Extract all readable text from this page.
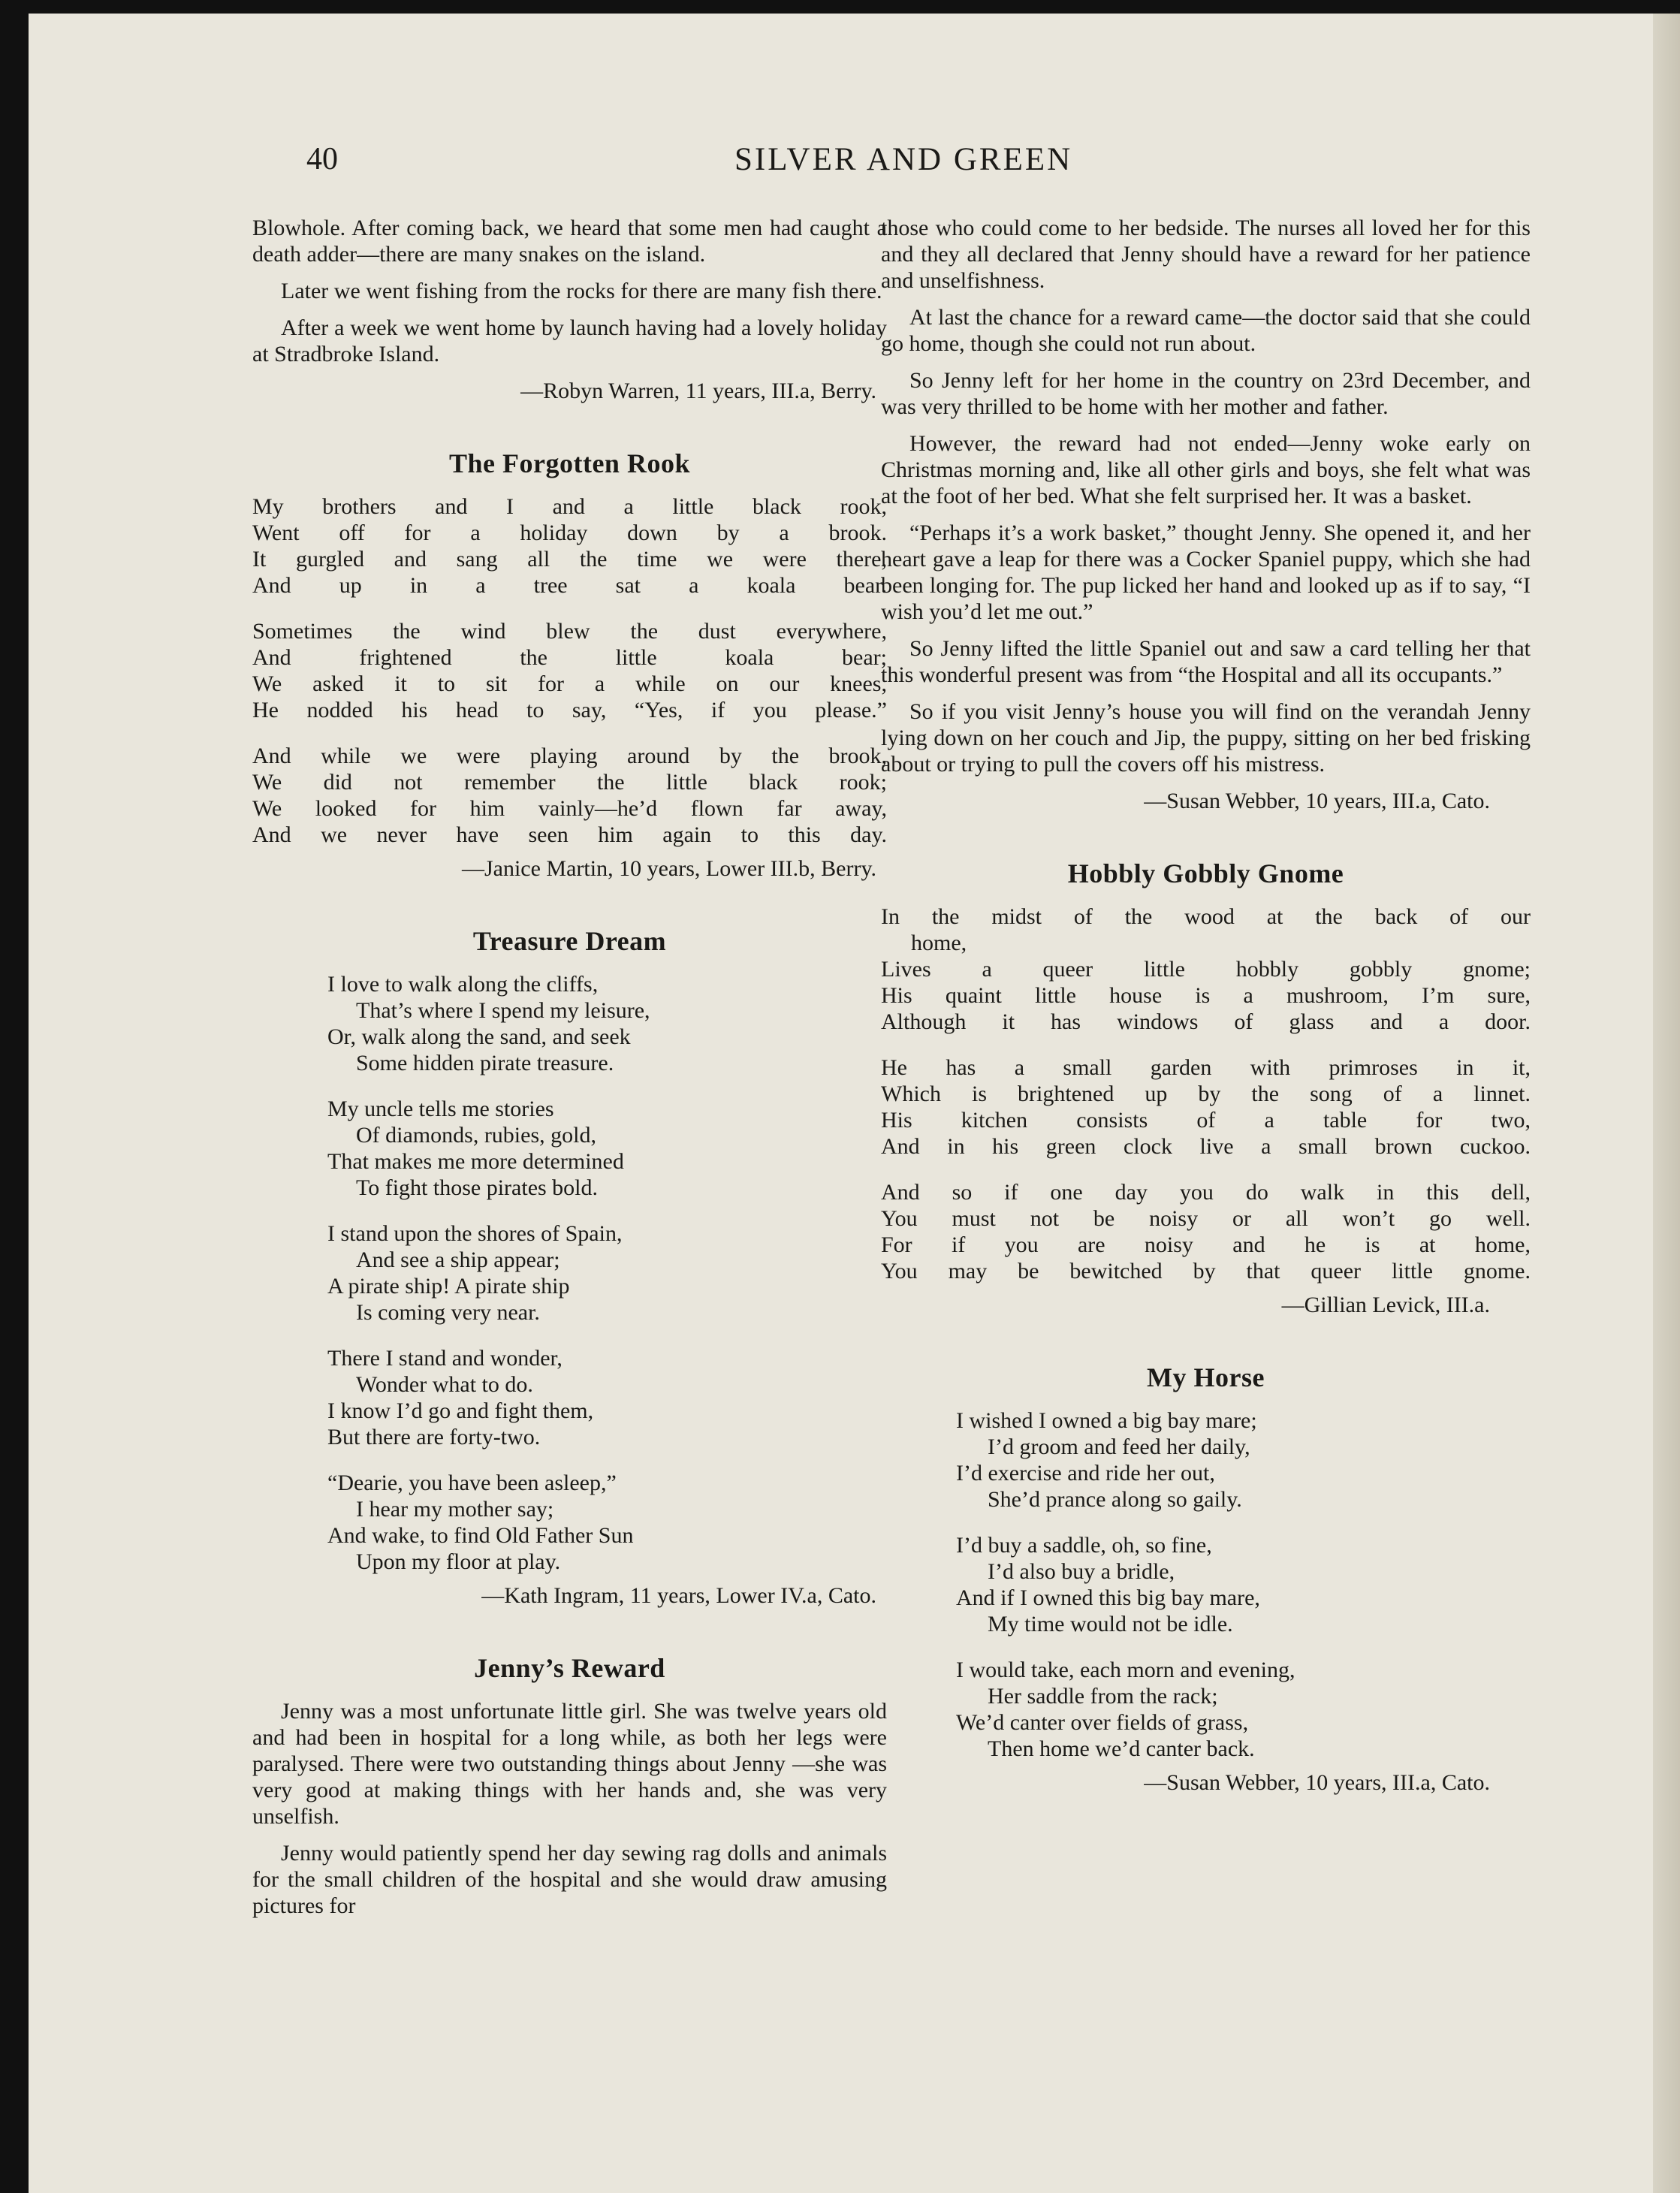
40	SILVER AND GREEN

Blowhole. After coming back, we heard that some men had caught a death adder—there are many snakes on the island.

Later we went fishing from the rocks for there are many fish there.

After a week we went home by launch having had a lovely holiday at Stradbroke Island.

—Robyn Warren, 11 years, III.a, Berry.
The Forgotten Rook
My brothers and I and a little black rook,
Went off for a holiday down by a brook.
It gurgled and sang all the time we were there,
And up in a tree sat a koala bear.
Sometimes the wind blew the dust everywhere,
And frightened the little koala bear;
We asked it to sit for a while on our knees,
He nodded his head to say, “Yes, if you please.”
And while we were playing around by the brook,
We did not remember the little black rook;
We looked for him vainly—he’d flown far away,
And we never have seen him again to this day.
—Janice Martin, 10 years, Lower III.b, Berry.
Treasure Dream
I love to walk along the cliffs,
That’s where I spend my leisure,
Or, walk along the sand, and seek
Some hidden pirate treasure.
My uncle tells me stories
Of diamonds, rubies, gold,
That makes me more determined
To fight those pirates bold.
I stand upon the shores of Spain,
And see a ship appear;
A pirate ship! A pirate ship
Is coming very near.
There I stand and wonder,
Wonder what to do.
I know I’d go and fight them,
But there are forty-two.
“Dearie, you have been asleep,”
I hear my mother say;
And wake, to find Old Father Sun
Upon my floor at play.
—Kath Ingram, 11 years, Lower IV.a, Cato.
Jenny’s Reward

Jenny was a most unfortunate little girl. She was twelve years old and had been in hospital for a long while, as both her legs were paralysed. There were two outstanding things about Jenny —she was very good at making things with her hands and, she was very unselfish.

Jenny would patiently spend her day sewing rag dolls and animals for the small children of the hospital and she would draw amusing pictures for

those who could come to her bedside. The nurses all loved her for this and they all declared that Jenny should have a reward for her patience and unselfishness.

At last the chance for a reward came—the doctor said that she could go home, though she could not run about.

So Jenny left for her home in the country on 23rd December, and was very thrilled to be home with her mother and father.

However, the reward had not ended—Jenny woke early on Christmas morning and, like all other girls and boys, she felt what was at the foot of her bed. What she felt surprised her. It was a basket.

“Perhaps it’s a work basket,” thought Jenny. She opened it, and her heart gave a leap for there was a Cocker Spaniel puppy, which she had been longing for. The pup licked her hand and looked up as if to say, “I wish you’d let me out.”

So Jenny lifted the little Spaniel out and saw a card telling her that this wonderful present was from “the Hospital and all its occupants.”

So if you visit Jenny’s house you will find on the verandah Jenny lying down on her couch and Jip, the puppy, sitting on her bed frisking about or trying to pull the covers off his mistress.

—Susan Webber, 10 years, III.a, Cato.
Hobbly Gobbly Gnome
In the midst of the wood at the back of our
home,
Lives a queer little hobbly gobbly gnome;
His quaint little house is a mushroom, I’m sure,
Although it has windows of glass and a door.
He has a small garden with primroses in it,
Which is brightened up by the song of a linnet.
His kitchen consists of a table for two,
And in his green clock live a small brown cuckoo.
And so if one day you do walk in this dell,
You must not be noisy or all won’t go well.
For if you are noisy and he is at home,
You may be bewitched by that queer little gnome.
—Gillian Levick, III.a.
My Horse
I wished I owned a big bay mare;
I’d groom and feed her daily,
I’d exercise and ride her out,
She’d prance along so gaily.
I’d buy a saddle, oh, so fine,
I’d also buy a bridle,
And if I owned this big bay mare,
My time would not be idle.
I would take, each morn and evening,
Her saddle from the rack;
We’d canter over fields of grass,
Then home we’d canter back.
—Susan Webber, 10 years, III.a, Cato.
